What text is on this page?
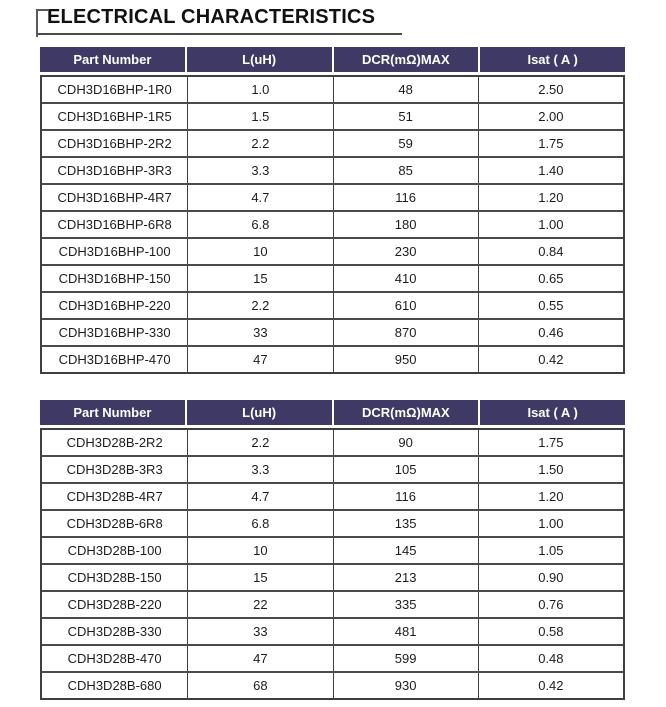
ELECTRICAL CHARACTERISTICS
Part Number	L(uH)	DCR(mΩ)MAX	Isat ( A )
CDH3D16BHP-1R0	1.0	48	2.50
CDH3D16BHP-1R5	1.5	51	2.00
CDH3D16BHP-2R2	2.2	59	1.75
CDH3D16BHP-3R3	3.3	85	1.40
CDH3D16BHP-4R7	4.7	116	1.20
CDH3D16BHP-6R8	6.8	180	1.00
CDH3D16BHP-100	10	230	0.84
CDH3D16BHP-150	15	410	0.65
CDH3D16BHP-220	2.2	610	0.55
CDH3D16BHP-330	33	870	0.46
CDH3D16BHP-470	47	950	0.42
Part Number	L(uH)	DCR(mΩ)MAX	Isat ( A )
CDH3D28B-2R2	2.2	90	1.75
CDH3D28B-3R3	3.3	105	1.50
CDH3D28B-4R7	4.7	116	1.20
CDH3D28B-6R8	6.8	135	1.00
CDH3D28B-100	10	145	1.05
CDH3D28B-150	15	213	0.90
CDH3D28B-220	22	335	0.76
CDH3D28B-330	33	481	0.58
CDH3D28B-470	47	599	0.48
CDH3D28B-680	68	930	0.42
